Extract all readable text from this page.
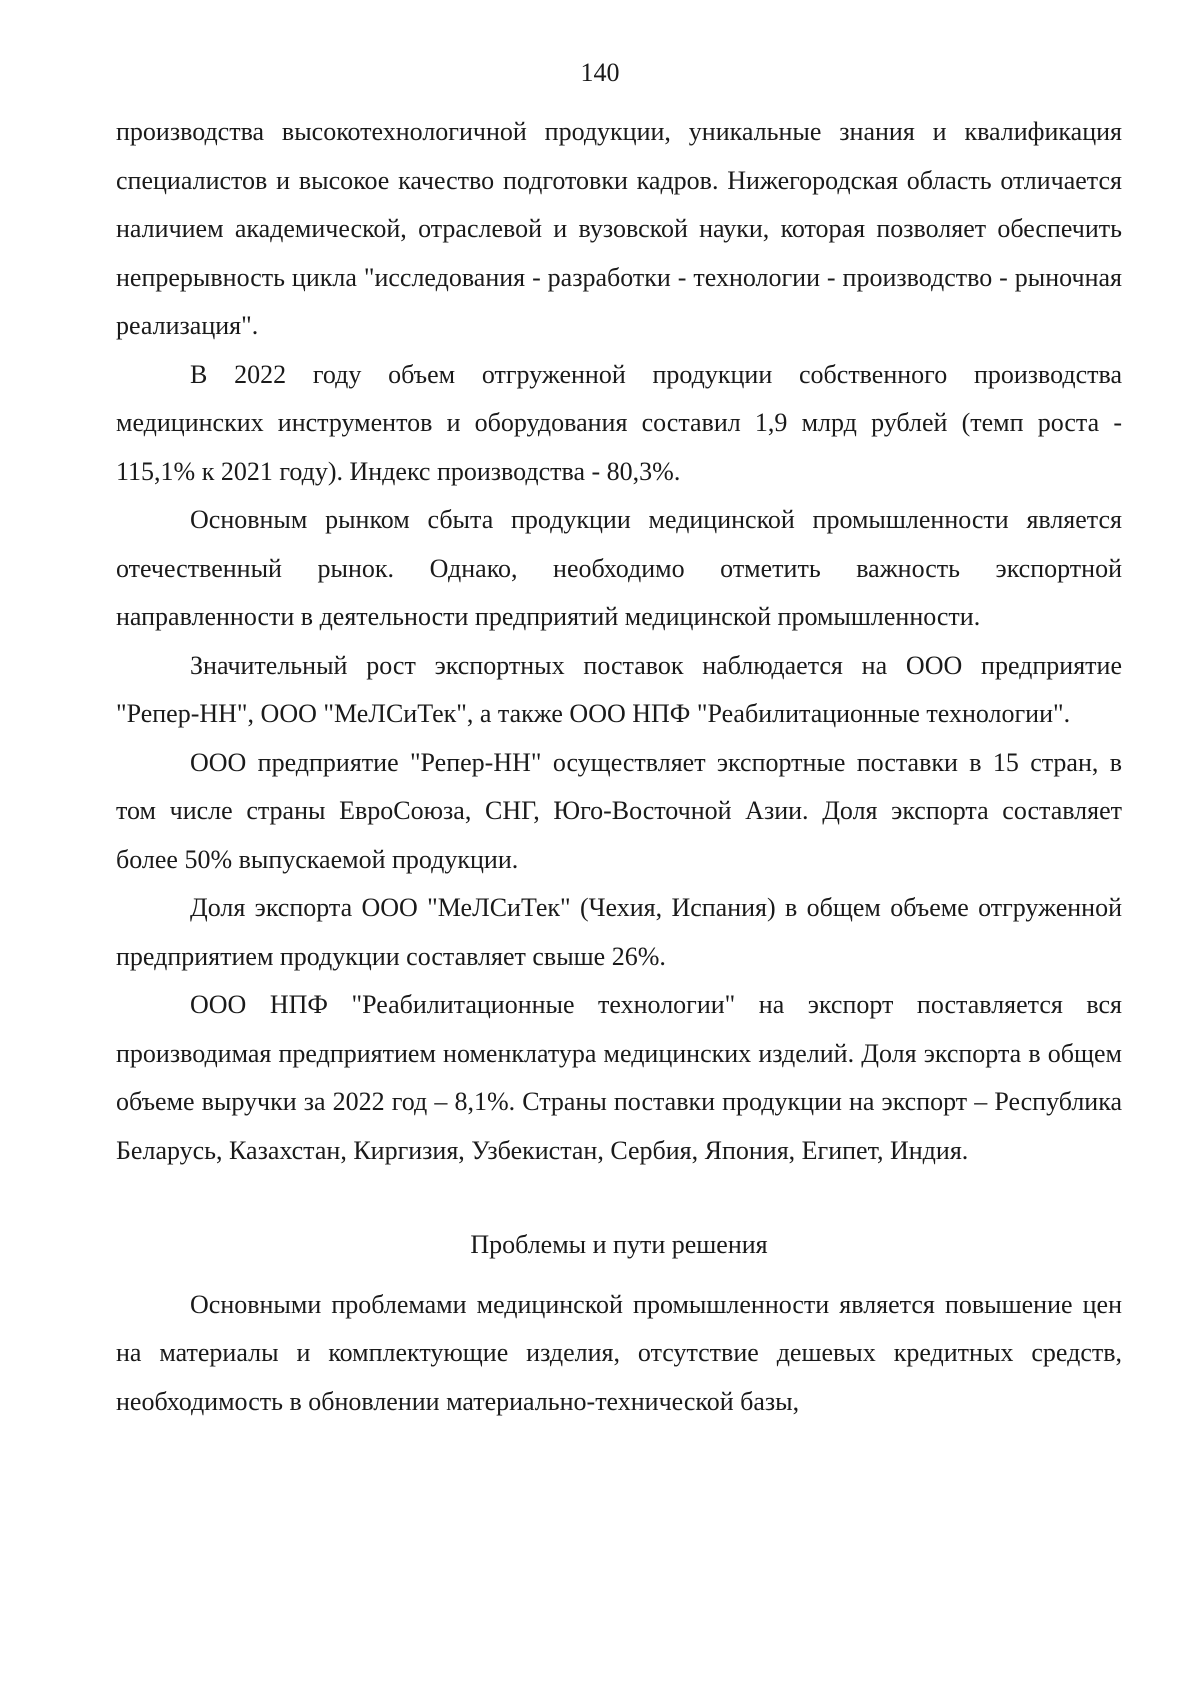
140

производства высокотехнологичной продукции, уникальные знания и квалификация специалистов и высокое качество подготовки кадров. Нижегородская область отличается наличием академической, отраслевой и вузовской науки, которая позволяет обеспечить непрерывность цикла "исследования - разработки - технологии - производство - рыночная реализация".

В 2022 году объем отгруженной продукции собственного производства медицинских инструментов и оборудования составил 1,9 млрд рублей (темп роста - 115,1% к 2021 году). Индекс производства - 80,3%.

Основным рынком сбыта продукции медицинской промышленности является отечественный рынок. Однако, необходимо отметить важность экспортной направленности в деятельности предприятий медицинской промышленности.

Значительный рост экспортных поставок наблюдается на ООО предприятие "Репер-НН", ООО "МеЛСиТек", а также ООО НПФ "Реабилитационные технологии".

ООО предприятие "Репер-НН" осуществляет экспортные поставки в 15 стран, в том числе страны ЕвроСоюза, СНГ, Юго-Восточной Азии. Доля экспорта составляет более 50% выпускаемой продукции.

Доля экспорта ООО "МеЛСиТек" (Чехия, Испания) в общем объеме отгруженной предприятием продукции составляет свыше 26%.

ООО НПФ "Реабилитационные технологии" на экспорт поставляется вся производимая предприятием номенклатура медицинских изделий. Доля экспорта в общем объеме выручки за 2022 год – 8,1%. Страны поставки продукции на экспорт – Республика Беларусь, Казахстан, Киргизия, Узбекистан, Сербия, Япония, Египет, Индия.

Проблемы и пути решения

Основными проблемами медицинской промышленности является повышение цен на материалы и комплектующие изделия, отсутствие дешевых кредитных средств, необходимость в обновлении материально-технической базы,
